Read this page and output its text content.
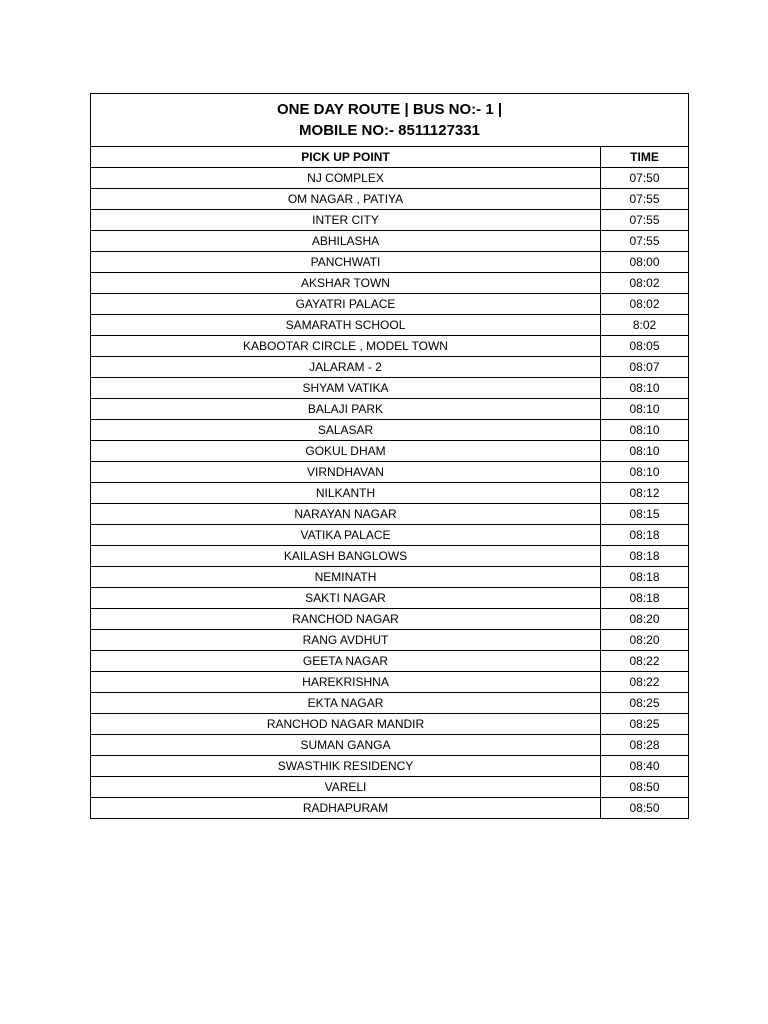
ONE DAY ROUTE | BUS NO:- 1 |
MOBILE NO:- 8511127331	

PICK UP POINT	TIME
NJ COMPLEX	07:50
OM NAGAR , PATIYA	07:55
INTER CITY	07:55
ABHILASHA	07:55
PANCHWATI	08:00
AKSHAR TOWN	08:02
GAYATRI PALACE	08:02
SAMARATH SCHOOL	8:02
KABOOTAR CIRCLE , MODEL TOWN	08:05
JALARAM - 2	08:07
SHYAM VATIKA	08:10
BALAJI PARK	08:10
SALASAR	08:10
GOKUL DHAM	08:10
VIRNDHAVAN	08:10
NILKANTH	08:12
NARAYAN NAGAR	08:15
VATIKA PALACE	08:18
KAILASH BANGLOWS	08:18
NEMINATH	08:18
SAKTI NAGAR	08:18
RANCHOD NAGAR	08:20
RANG AVDHUT	08:20
GEETA NAGAR	08:22
HAREKRISHNA	08:22
EKTA NAGAR	08:25
RANCHOD NAGAR MANDIR	08:25
SUMAN GANGA	08:28
SWASTHIK RESIDENCY	08:40
VARELI	08:50
RADHAPURAM	08:50
